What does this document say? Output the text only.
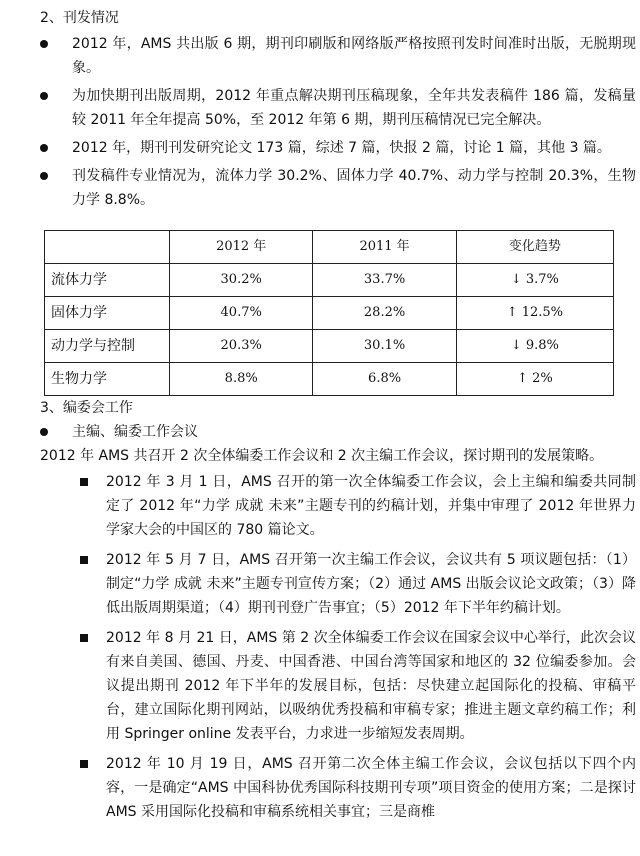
2、刊发情况
2012 年，AMS 共出版 6 期，期刊印刷版和网络版严格按照刊发时间准时出版，无脱期现象。
为加快期刊出版周期，2012 年重点解决期刊压稿现象，全年共发表稿件 186 篇，发稿量较 2011 年全年提高 50%，至 2012 年第 6 期，期刊压稿情况已完全解决。
2012 年，期刊刊发研究论文 173 篇，综述 7 篇，快报 2 篇，讨论 1 篇，其他 3 篇。
刊发稿件专业情况为，流体力学 30.2%、固体力学 40.7%、动力学与控制 20.3%，生物力学 8.8%。
	2012 年	2011 年	变化趋势
流体力学	30.2%	33.7%	↓ 3.7%
固体力学	40.7%	28.2%	↑ 12.5%
动力学与控制	20.3%	30.1%	↓ 9.8%
生物力学	8.8%	6.8%	↑ 2%
3、编委会工作
主编、编委工作会议

2012 年 AMS 共召开 2 次全体编委工作会议和 2 次主编工作会议，探讨期刊的发展策略。

2012 年 3 月 1 日，AMS 召开的第一次全体编委工作会议，会上主编和编委共同制定了 2012 年“力学 成就 未来”主题专刊的约稿计划，并集中审理了 2012 年世界力学家大会的中国区的 780 篇论文。
2012 年 5 月 7 日，AMS 召开第一次主编工作会议，会议共有 5 项议题包括：（1）制定“力学 成就 未来”主题专刊宣传方案；（2）通过 AMS 出版会议论文政策；（3）降低出版周期渠道；（4）期刊刊登广告事宜；（5）2012 年下半年约稿计划。
2012 年 8 月 21 日，AMS 第 2 次全体编委工作会议在国家会议中心举行，此次会议有来自美国、德国、丹麦、中国香港、中国台湾等国家和地区的 32 位编委参加。会议提出期刊 2012 年下半年的发展目标，包括：尽快建立起国际化的投稿、审稿平台，建立国际化期刊网站，以吸纳优秀投稿和审稿专家；推进主题文章约稿工作；利用 Springer online 发表平台，力求进一步缩短发表周期。
2012 年 10 月 19 日，AMS 召开第二次全体主编工作会议，会议包括以下四个内容，一是确定“AMS 中国科协优秀国际科技期刊专项”项目资金的使用方案；二是探讨 AMS 采用国际化投稿和审稿系统相关事宜；三是商椎
